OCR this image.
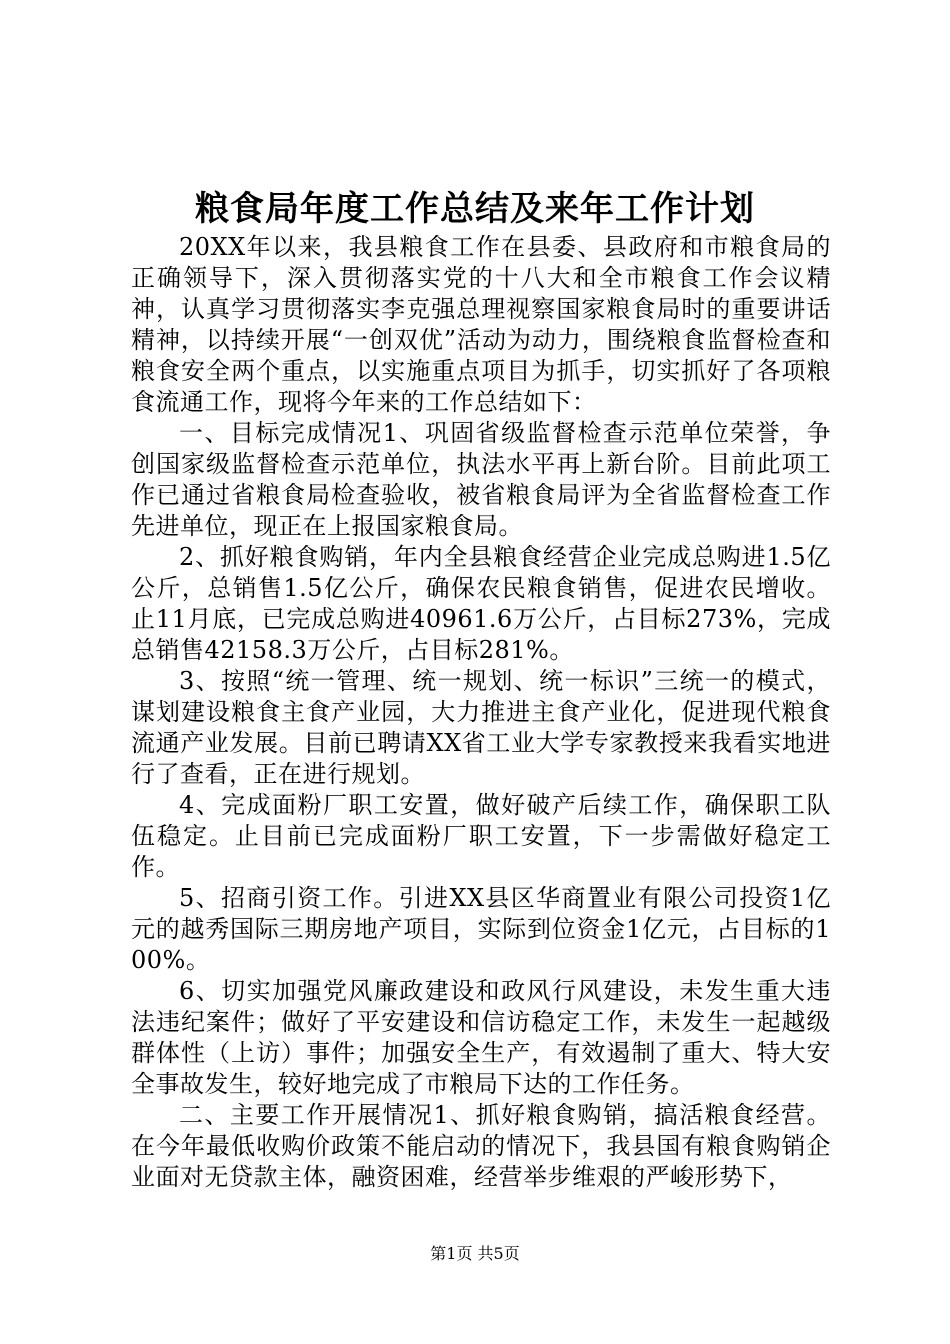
粮食局年度工作总结及来年工作计划

20XX年以来，我县粮食工作在县委、县政府和市粮食局的正确领导下，深入贯彻落实党的十八大和全市粮食工作会议精神，认真学习贯彻落实李克强总理视察国家粮食局时的重要讲话精神，以持续开展“一创双优”活动为动力，围绕粮食监督检查和粮食安全两个重点，以实施重点项目为抓手，切实抓好了各项粮食流通工作，现将今年来的工作总结如下：

一、目标完成情况1、巩固省级监督检查示范单位荣誉，争创国家级监督检查示范单位，执法水平再上新台阶。目前此项工作已通过省粮食局检查验收，被省粮食局评为全省监督检查工作先进单位，现正在上报国家粮食局。

2、抓好粮食购销，年内全县粮食经营企业完成总购进1.5亿公斤，总销售1.5亿公斤，确保农民粮食销售，促进农民增收。止11月底，已完成总购进40961.6万公斤，占目标273%，完成总销售42158.3万公斤，占目标281%。

3、按照“统一管理、统一规划、统一标识”三统一的模式，谋划建设粮食主食产业园，大力推进主食产业化，促进现代粮食流通产业发展。目前已聘请XX省工业大学专家教授来我看实地进行了查看，正在进行规划。

4、完成面粉厂职工安置，做好破产后续工作，确保职工队伍稳定。止目前已完成面粉厂职工安置，下一步需做好稳定工作。

5、招商引资工作。引进XX县区华商置业有限公司投资1亿元的越秀国际三期房地产项目，实际到位资金1亿元，占目标的100%。

6、切实加强党风廉政建设和政风行风建设，未发生重大违法违纪案件；做好了平安建设和信访稳定工作，未发生一起越级群体性（上访）事件；加强安全生产，有效遏制了重大、特大安全事故发生，较好地完成了市粮局下达的工作任务。

二、主要工作开展情况1、抓好粮食购销，搞活粮食经营。在今年最低收购价政策不能启动的情况下，我县国有粮食购销企业面对无贷款主体，融资困难，经营举步维艰的严峻形势下，

第1页 共5页
